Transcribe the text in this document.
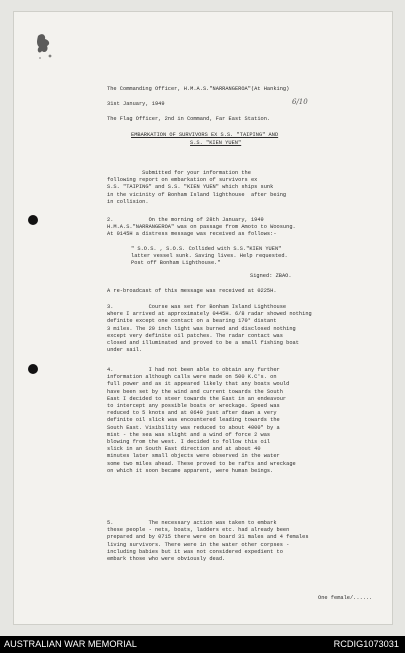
The Commanding Officer, H.M.A.S."NARRANGEROA"(At Hanking)

31st January, 1949	6/10

The Flag Officer, 2nd in Command, Far East Station.

EMBARKATION OF SURVIVORS EX S.S. "TAIPING" AND

S.S. "KIEN YUEN"

Submitted for your information the
following report on embarkation of survivors ex
S.S. "TAIPING" and S.S. "KIEN YUEN" which ships sunk
in the vicinity of Bonham Island lighthouse  after being
in collision.

2.           On the morning of 28th January, 1949
H.M.A.S."NARRANGEROA" was on passage from Amoto to Woosung.
At 0145H a distress message was received as follows:-

" S.O.S. , S.O.S. Collided with S.S."KIEN YUEN"
latter vessel sunk. Saving lives. Help requested.
Post off Bonham Lighthouse."

Signed: ZBAO.

A re-broadcast of this message was received at 0225H.

3.           Course was set for Bonham Island Lighthouse
where I arrived at approximately 0445H. 6/8 radar showed nothing
definite except one contact on a bearing 170° distant
3 miles. The 20 inch light was burned and disclosed nothing
except very definite oil patches. The radar contact was
closed and illuminated and proved to be a small fishing boat
under sail.

4.           I had not been able to obtain any further
information although calls were made on 500 K.C's. on
full power and as it appeared likely that any boats would
have been set by the wind and current towards the South
East I decided to steer towards the East in an endeavour
to intercept any possible boats or wreckage. Speed was
reduced to 5 knots and at 0640 just after dawn a very
definite oil slick was encountered leading towards the
South East. Visibility was reduced to about 4000" by a
mist - the sea was slight and a wind of force 2 was
blowing from the west. I decided to follow this oil
slick in an South East direction and at about 40
minutes later small objects were observed in the water
some two miles ahead. These proved to be rafts and wreckage
on which it soon became apparent, were human beings.

5.           The necessary action was taken to embark
these people - nets, boats, ladders etc. had already been
prepared and by 0715 there were on board 31 males and 4 females
living survivors. There were in the water other corpses -
including babies but it was not considered expedient to
embark those who were obviously dead.

One female/......

AUSTRALIAN WAR MEMORIAL	RCDIG1073031
